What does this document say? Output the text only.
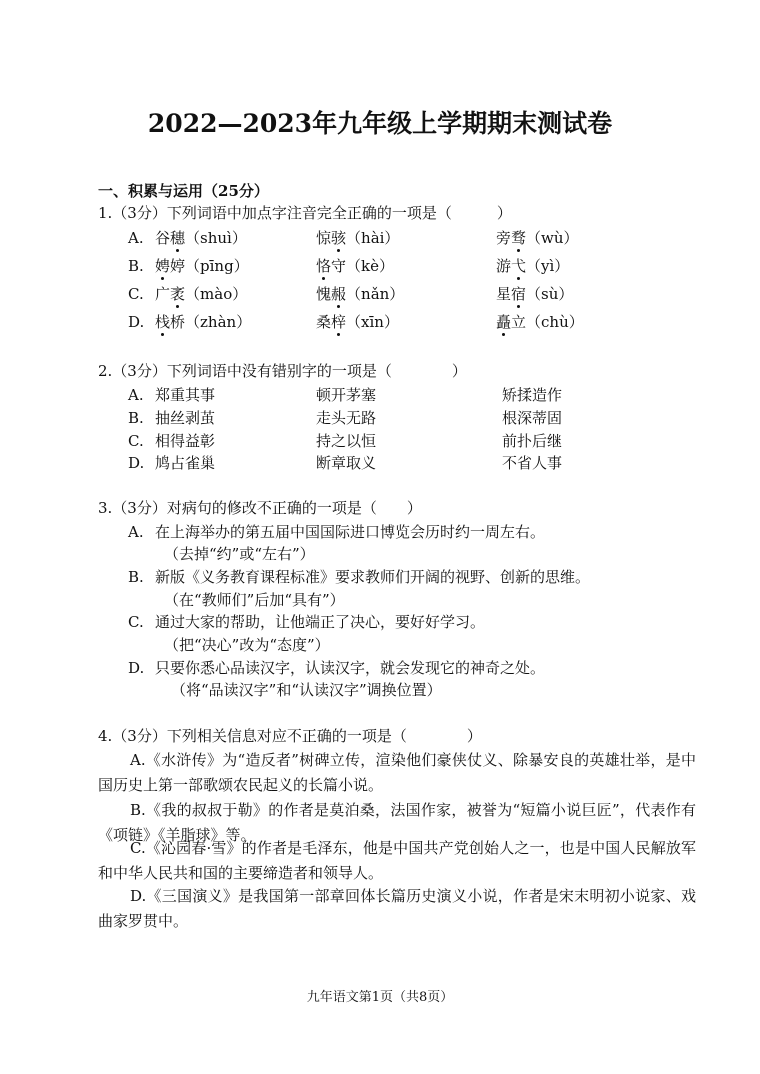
2022—2023年九年级上学期期末测试卷
一、积累与运用（25分）
1.（3分）下列词语中加点字注音完全正确的一项是（　　　）
A. 谷穗（shuì）	惊骇（hài）	旁骛（wù）
B. 娉婷（pīng）	恪守（kè）	游弋（yì）
C. 广袤（mào）	愧赧（nǎn）	星宿（sù）
D. 栈桥（zhàn）	桑梓（xīn）	矗立（chù）
2.（3分）下列词语中没有错别字的一项是（　　　　）
A. 郑重其事	顿开茅塞	矫揉造作
B. 抽丝剥茧	走头无路	根深蒂固
C. 相得益彰	持之以恒	前扑后继
D. 鸠占雀巢	断章取义	不省人事
3.（3分）对病句的修改不正确的一项是（　　）
A. 在上海举办的第五届中国国际进口博览会历时约一周左右。
（去掉“约”或“左右”）
B. 新版《义务教育课程标准》要求教师们开阔的视野、创新的思维。
（在“教师们”后加“具有”）
C. 通过大家的帮助，让他端正了决心，要好好学习。
（把“决心”改为“态度”）
D. 只要你悉心品读汉字，认读汉字，就会发现它的神奇之处。
（将“品读汉字”和“认读汉字”调换位置）
4.（3分）下列相关信息对应不正确的一项是（　　　　）
A.《水浒传》为“造反者”树碑立传，渲染他们豪侠仗义、除暴安良的英雄壮举，是中国历史上第一部歌颂农民起义的长篇小说。
B.《我的叔叔于勒》的作者是莫泊桑，法国作家，被誉为“短篇小说巨匠”，代表作有《项链》《羊脂球》等。
C.《沁园春·雪》的作者是毛泽东，他是中国共产党创始人之一，也是中国人民解放军和中华人民共和国的主要缔造者和领导人。
D.《三国演义》是我国第一部章回体长篇历史演义小说，作者是宋末明初小说家、戏曲家罗贯中。
九年语文第1页（共8页）
